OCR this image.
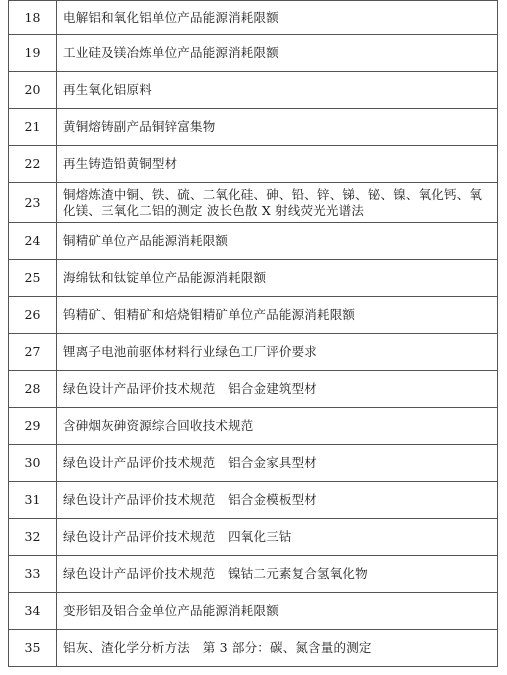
18	电解铝和氧化铝单位产品能源消耗限额
19	工业硅及镁冶炼单位产品能源消耗限额
20	再生氧化铝原料
21	黄铜熔铸副产品铜锌富集物
22	再生铸造铅黄铜型材
23	铜熔炼渣中铜、铁、硫、二氧化硅、砷、铅、锌、锑、铋、镍、氧化钙、氧化镁、三氧化二铝的测定 波长色散 X 射线荧光光谱法
24	铜精矿单位产品能源消耗限额
25	海绵钛和钛锭单位产品能源消耗限额
26	钨精矿、钼精矿和焙烧钼精矿单位产品能源消耗限额
27	锂离子电池前驱体材料行业绿色工厂评价要求
28	绿色设计产品评价技术规范　铝合金建筑型材
29	含砷烟灰砷资源综合回收技术规范
30	绿色设计产品评价技术规范　铝合金家具型材
31	绿色设计产品评价技术规范　铝合金模板型材
32	绿色设计产品评价技术规范　四氧化三钴
33	绿色设计产品评价技术规范　镍钴二元素复合氢氧化物
34	变形铝及铝合金单位产品能源消耗限额
35	铝灰、渣化学分析方法　第 3 部分：碳、氮含量的测定
